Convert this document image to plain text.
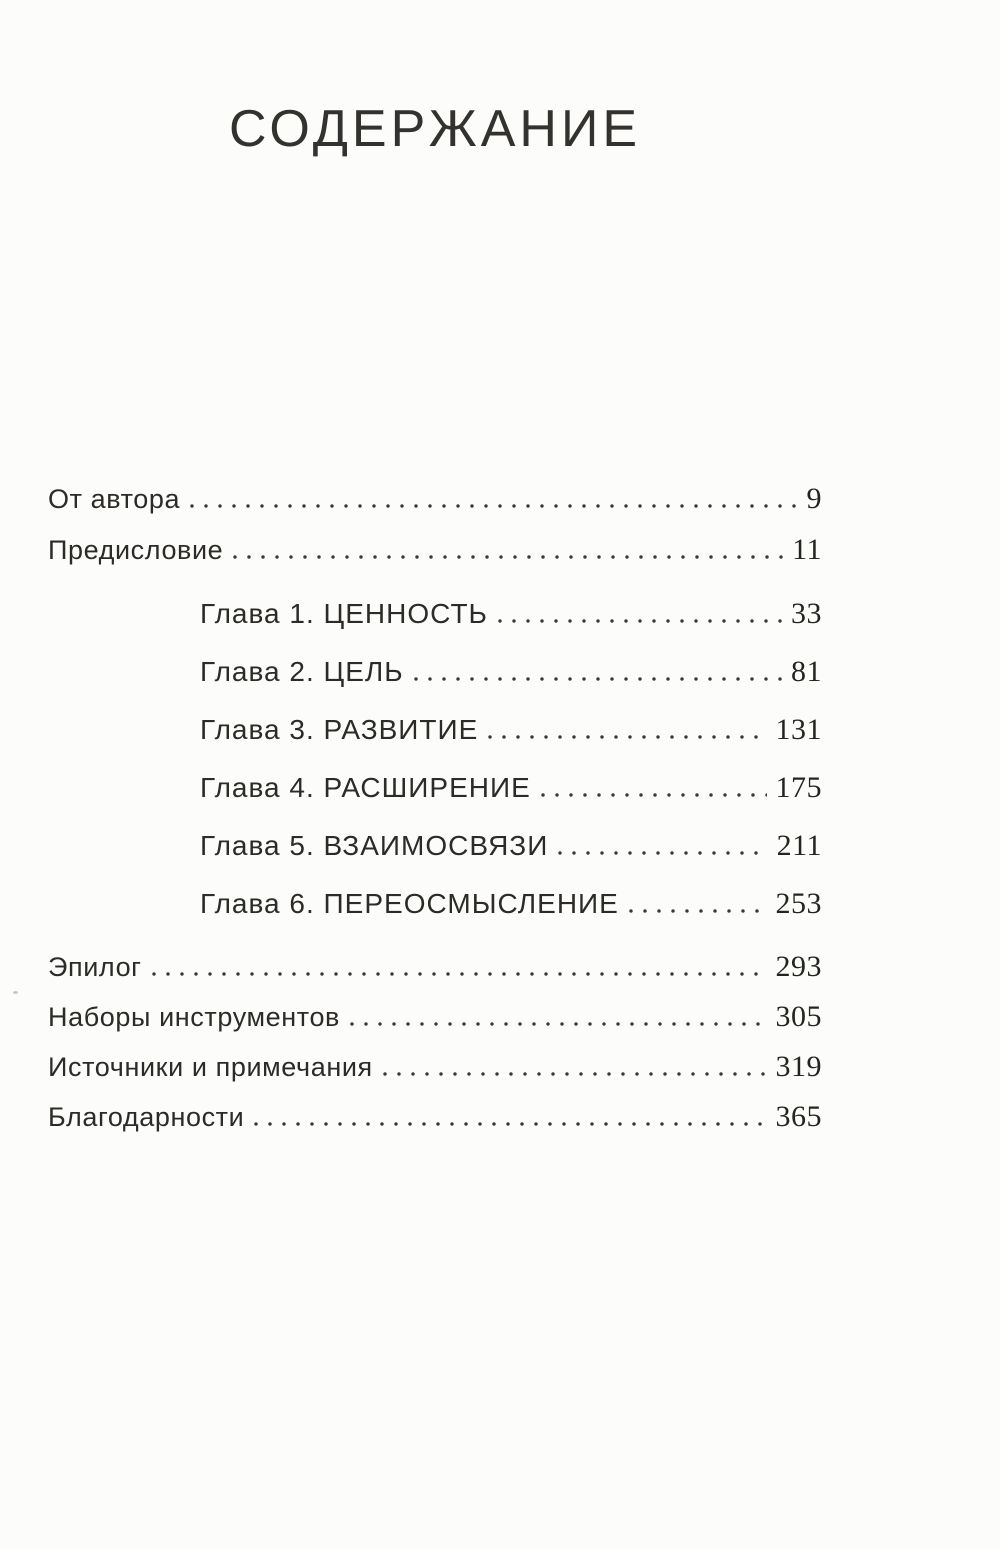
СОДЕРЖАНИЕ
От автора	9
Предисловие	11
Глава 1. ЦЕННОСТЬ	33
Глава 2. ЦЕЛЬ	81
Глава 3. РАЗВИТИЕ	131
Глава 4. РАСШИРЕНИЕ	175
Глава 5. ВЗАИМОСВЯЗИ	211
Глава 6. ПЕРЕОСМЫСЛЕНИЕ	253
Эпилог	293
Наборы инструментов	305
Источники и примечания	319
Благодарности	365
